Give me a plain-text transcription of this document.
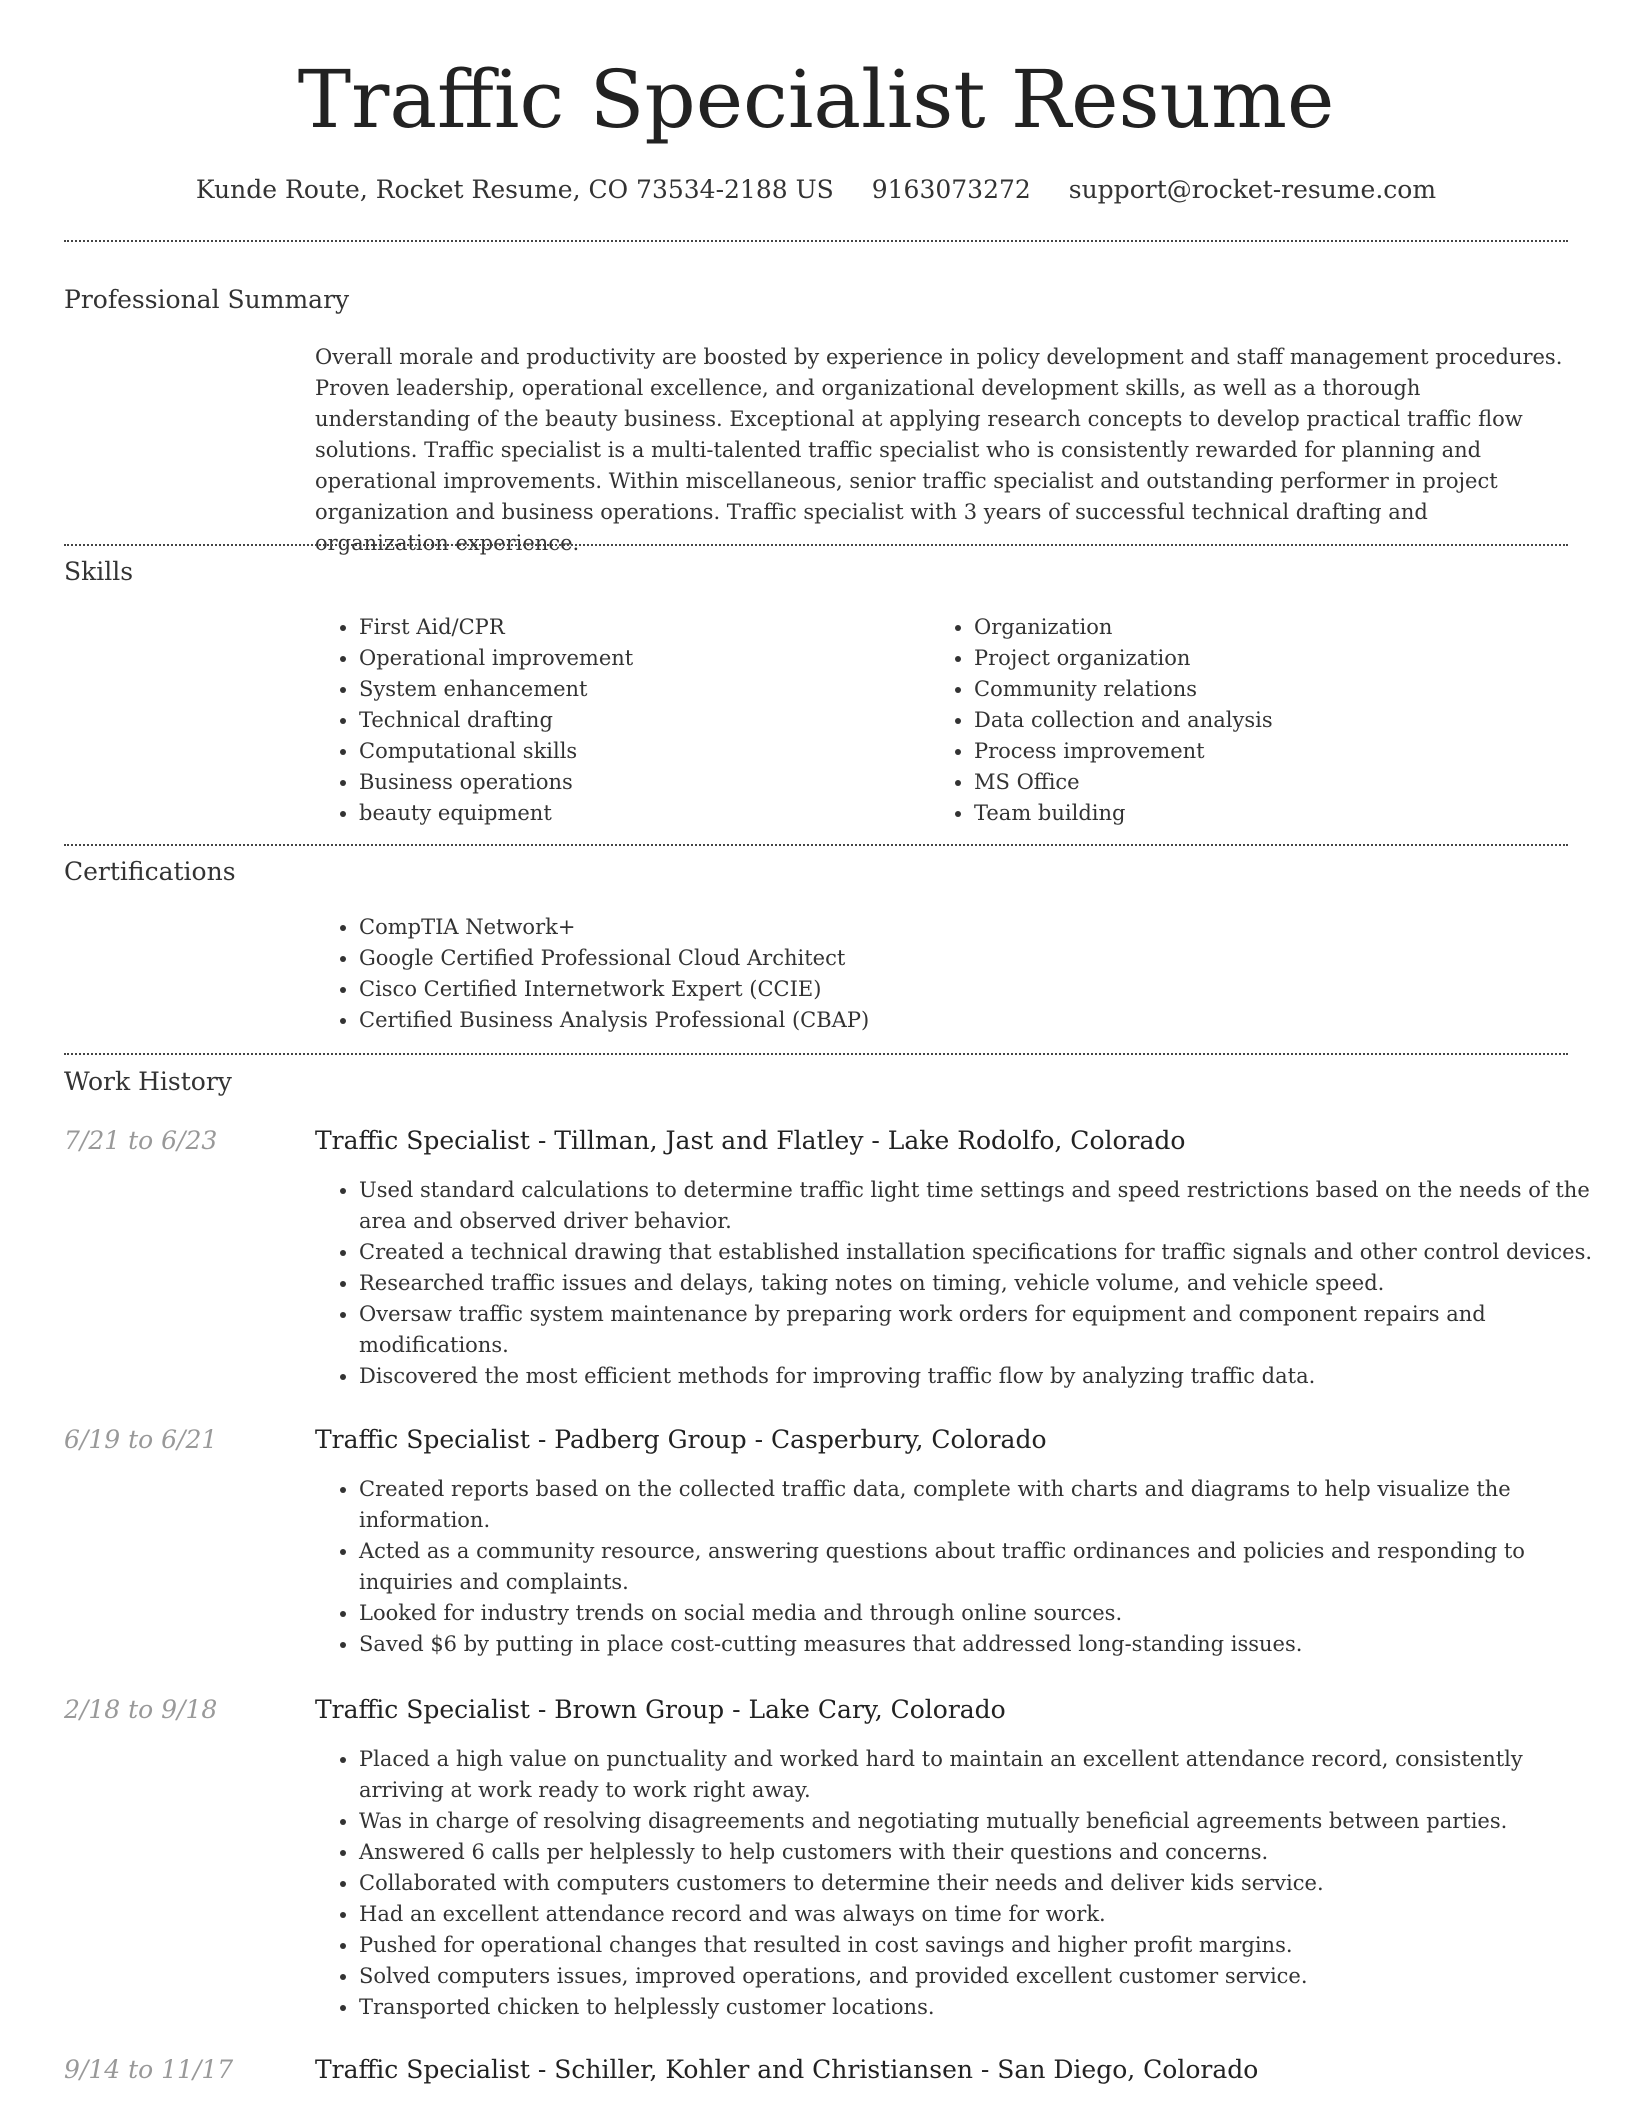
Traffic Specialist Resume
Kunde Route, Rocket Resume, CO 73534-2188 US 9163073272 support@rocket-resume.com
Professional Summary

Overall morale and productivity are boosted by experience in policy development and staff management procedures. Proven leadership, operational excellence, and organizational development skills, as well as a thorough understanding of the beauty business. Exceptional at applying research concepts to develop practical traffic flow solutions. Traffic specialist is a multi-talented traffic specialist who is consistently rewarded for planning and operational improvements. Within miscellaneous, senior traffic specialist and outstanding performer in project organization and business operations. Traffic specialist with 3 years of successful technical drafting and organization experience.

Skills
• First Aid/CPR
• Operational improvement
• System enhancement
• Technical drafting
• Computational skills
• Business operations
• beauty equipment
• Organization
• Project organization
• Community relations
• Data collection and analysis
• Process improvement
• MS Office
• Team building
Certifications
• CompTIA Network+
• Google Certified Professional Cloud Architect
• Cisco Certified Internetwork Expert (CCIE)
• Certified Business Analysis Professional (CBAP)
Work History
7/21 to 6/23	Traffic Specialist - Tillman, Jast and Flatley - Lake Rodolfo, Colorado
• Used standard calculations to determine traffic light time settings and speed restrictions based on the needs of the area and observed driver behavior.
• Created a technical drawing that established installation specifications for traffic signals and other control devices.
• Researched traffic issues and delays, taking notes on timing, vehicle volume, and vehicle speed.
• Oversaw traffic system maintenance by preparing work orders for equipment and component repairs and modifications.
• Discovered the most efficient methods for improving traffic flow by analyzing traffic data.
6/19 to 6/21	Traffic Specialist - Padberg Group - Casperbury, Colorado
• Created reports based on the collected traffic data, complete with charts and diagrams to help visualize the information.
• Acted as a community resource, answering questions about traffic ordinances and policies and responding to inquiries and complaints.
• Looked for industry trends on social media and through online sources.
• Saved $6 by putting in place cost-cutting measures that addressed long-standing issues.
2/18 to 9/18	Traffic Specialist - Brown Group - Lake Cary, Colorado
• Placed a high value on punctuality and worked hard to maintain an excellent attendance record, consistently arriving at work ready to work right away.
• Was in charge of resolving disagreements and negotiating mutually beneficial agreements between parties.
• Answered 6 calls per helplessly to help customers with their questions and concerns.
• Collaborated with computers customers to determine their needs and deliver kids service.
• Had an excellent attendance record and was always on time for work.
• Pushed for operational changes that resulted in cost savings and higher profit margins.
• Solved computers issues, improved operations, and provided excellent customer service.
• Transported chicken to helplessly customer locations.
9/14 to 11/17	Traffic Specialist - Schiller, Kohler and Christiansen - San Diego, Colorado
